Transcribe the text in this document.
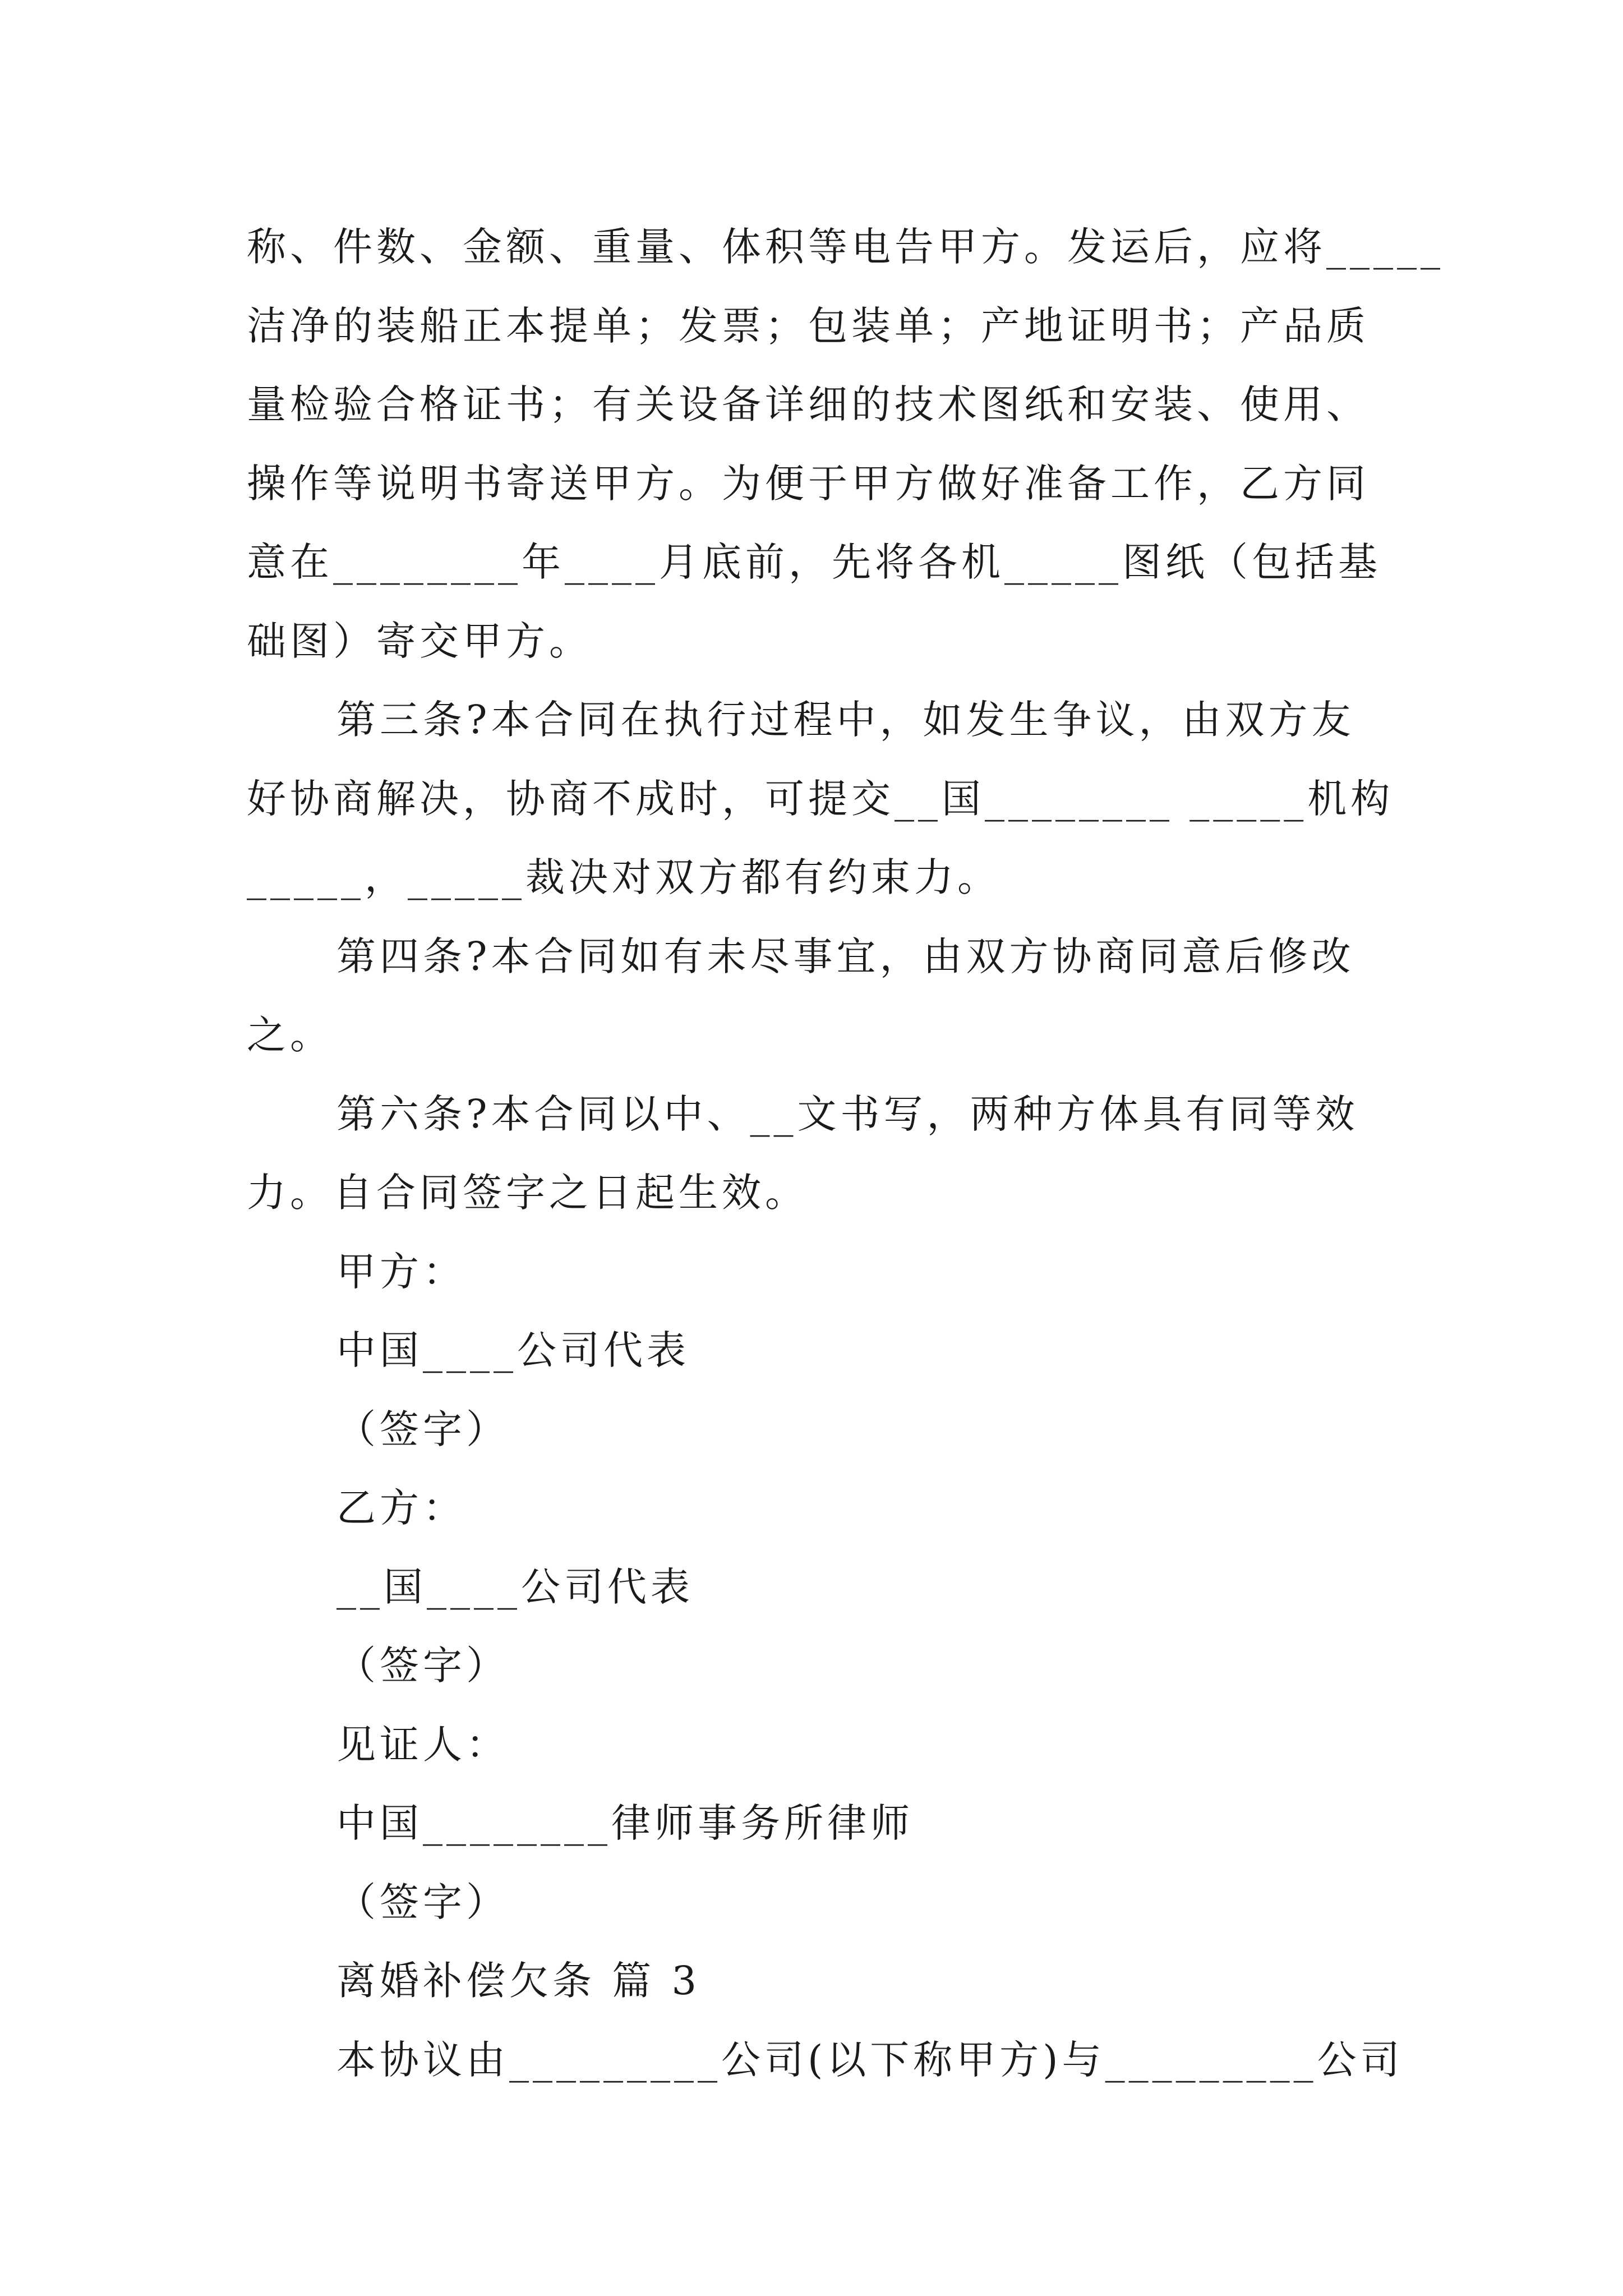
称、件数、金额、重量、体积等电告甲方。发运后，应将_____
洁净的装船正本提单；发票；包装单；产地证明书；产品质
量检验合格证书；有关设备详细的技术图纸和安装、使用、
操作等说明书寄送甲方。为便于甲方做好准备工作，乙方同
意在________年____月底前，先将各机_____图纸（包括基
础图）寄交甲方。
第三条?本合同在执行过程中，如发生争议，由双方友
好协商解决，协商不成时，可提交__国________ _____机构
_____，_____裁决对双方都有约束力。
第四条?本合同如有未尽事宜，由双方协商同意后修改
之。
第六条?本合同以中、__文书写，两种方体具有同等效
力。自合同签字之日起生效。
甲方：
中国____公司代表
（签字）
乙方：
__国____公司代表
（签字）
见证人：
中国________律师事务所律师
（签字）
离婚补偿欠条 篇 3
本协议由_________公司(以下称甲方)与_________公司
